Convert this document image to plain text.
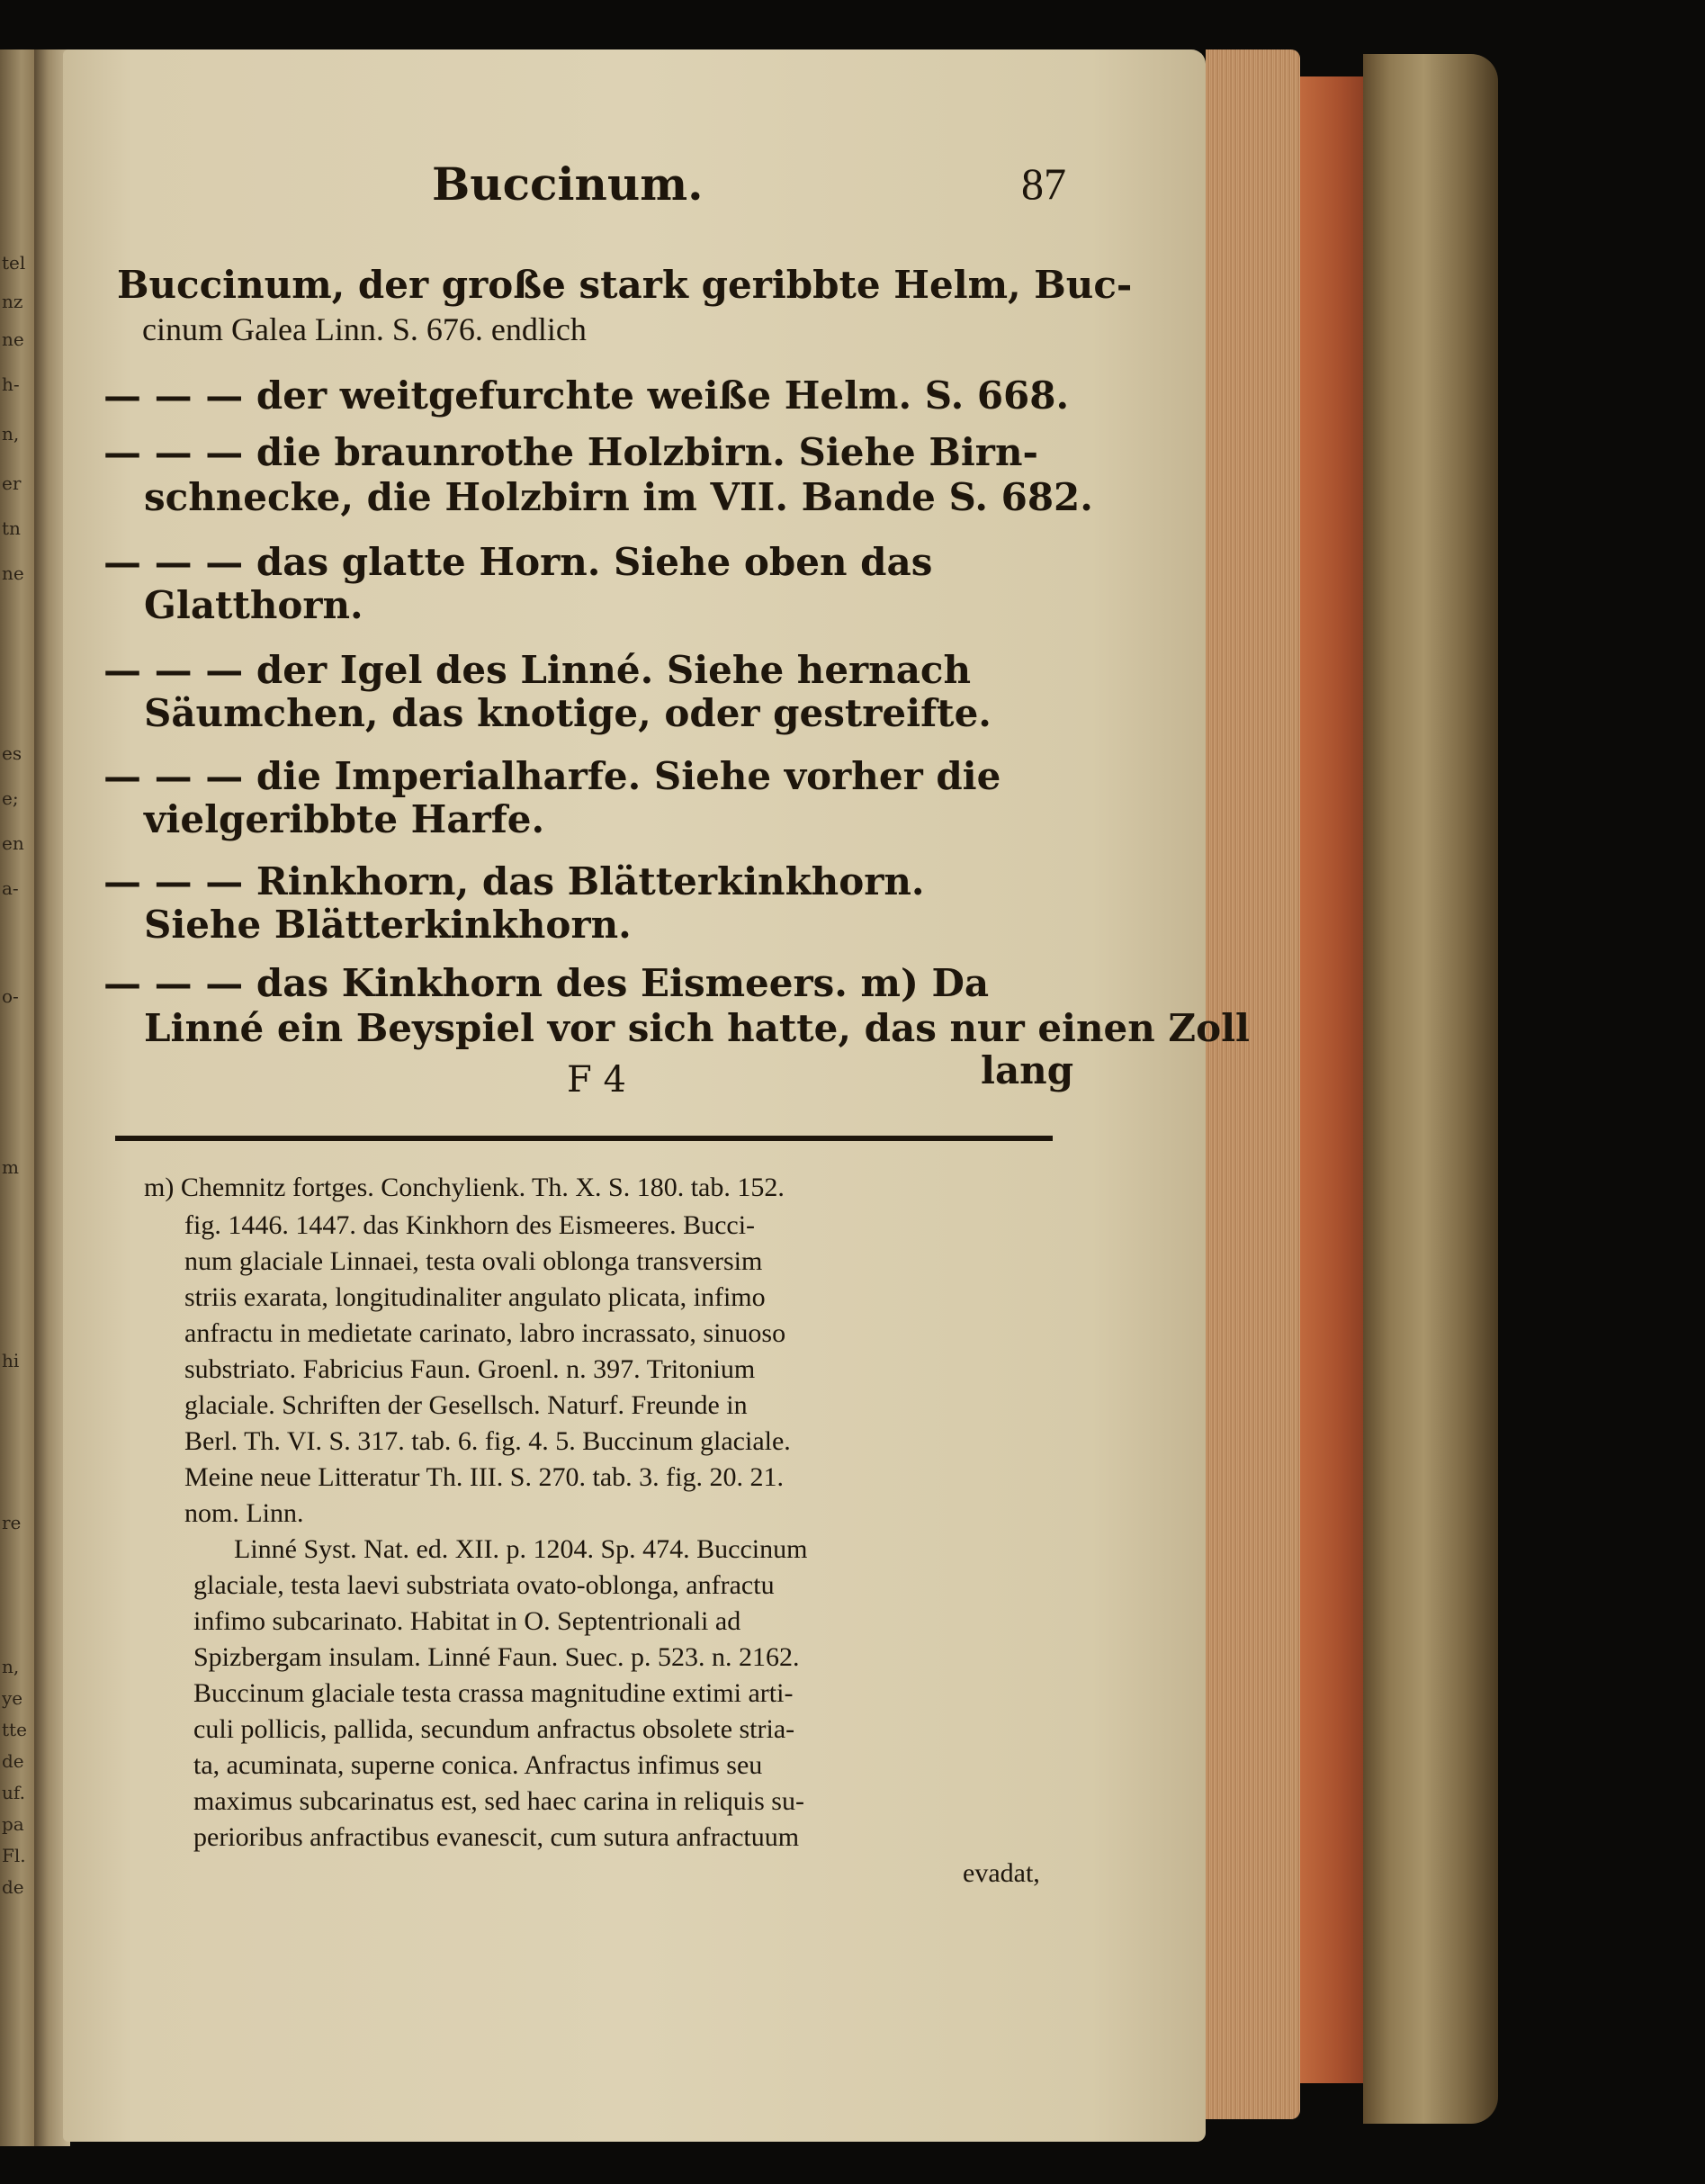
tel
nz
ne
h-
n,
er
tn
ne
es
e;
en
a-
o-
m
hi
re
n,
ye
tte
de
uf.
pa
Fl.
de
Buccinum.	87
Buccinum, der große stark geribbte Helm, Buc-
cinum Galea Linn. S. 676. endlich
— — — der weitgefurchte weiße Helm. S. 668.
— — — die braunrothe Holzbirn. Siehe Birn-
schnecke, die Holzbirn im VII. Bande S. 682.
— — — das glatte Horn. Siehe oben das
Glatthorn.
— — — der Igel des Linné. Siehe hernach
Säumchen, das knotige, oder gestreifte.
— — — die Imperialharfe. Siehe vorher die
vielgeribbte Harfe.
— — — Rinkhorn, das Blätterkinkhorn.
Siehe Blätterkinkhorn.
— — — das Kinkhorn des Eismeers. m) Da
Linné ein Beyspiel vor sich hatte, das nur einen Zoll
lang
F 4
m) Chemnitz fortges. Conchylienk. Th. X. S. 180. tab. 152.
fig. 1446. 1447. das Kinkhorn des Eismeeres. Bucci-
num glaciale Linnaei, testa ovali oblonga transversim
striis exarata, longitudinaliter angulato plicata, infimo
anfractu in medietate carinato, labro incrassato, sinuoso
substriato. Fabricius Faun. Groenl. n. 397. Tritonium
glaciale. Schriften der Gesellsch. Naturf. Freunde in
Berl. Th. VI. S. 317. tab. 6. fig. 4. 5. Buccinum glaciale.
Meine neue Litteratur Th. III. S. 270. tab. 3. fig. 20. 21.
nom. Linn.
Linné Syst. Nat. ed. XII. p. 1204. Sp. 474. Buccinum
glaciale, testa laevi substriata ovato-oblonga, anfractu
infimo subcarinato. Habitat in O. Septentrionali ad
Spizbergam insulam. Linné Faun. Suec. p. 523. n. 2162.
Buccinum glaciale testa crassa magnitudine extimi arti-
culi pollicis, pallida, secundum anfractus obsolete stria-
ta, acuminata, superne conica. Anfractus infimus seu
maximus subcarinatus est, sed haec carina in reliquis su-
perioribus anfractibus evanescit, cum sutura anfractuum
evadat,
